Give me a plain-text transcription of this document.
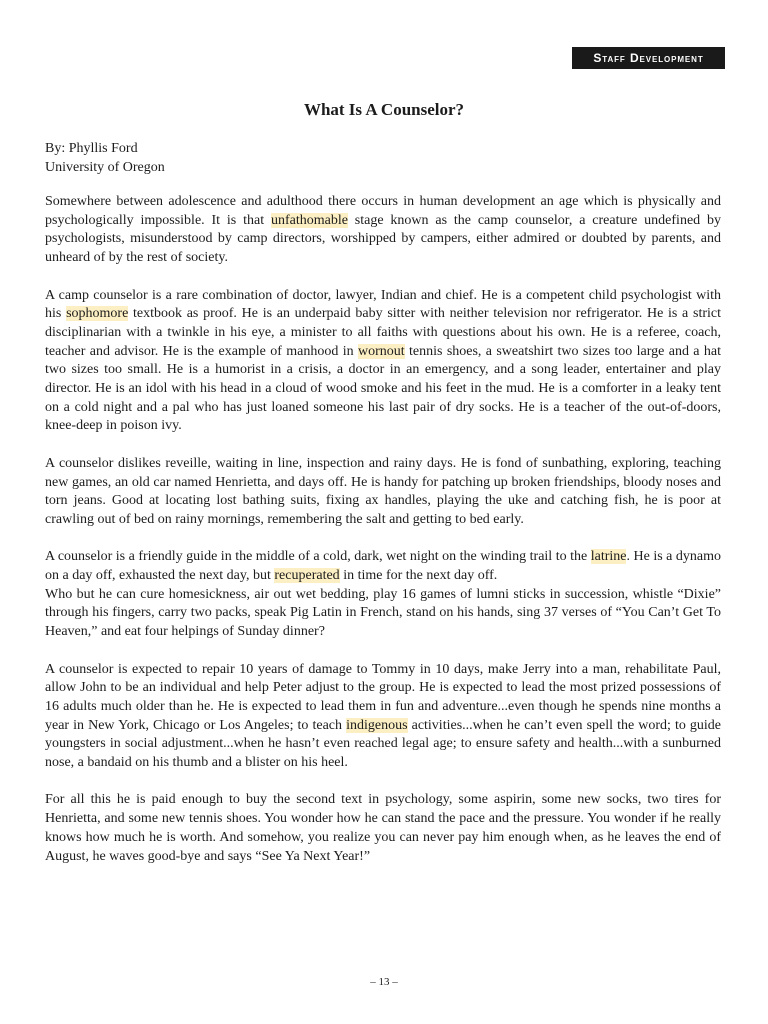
Staff Development
What Is A Counselor?
By: Phyllis Ford
University of Oregon

Somewhere between adolescence and adulthood there occurs in human development an age which is physically and psychologically impossible. It is that unfathomable stage known as the camp counselor, a creature undefined by psychologists, misunderstood by camp directors, worshipped by campers, either admired or doubted by parents, and unheard of by the rest of society.

A camp counselor is a rare combination of doctor, lawyer, Indian and chief. He is a competent child psychologist with his sophomore textbook as proof. He is an underpaid baby sitter with neither television nor refrigerator. He is a strict disciplinarian with a twinkle in his eye, a minister to all faiths with questions about his own. He is a referee, coach, teacher and advisor. He is the example of manhood in wornout tennis shoes, a sweatshirt two sizes too large and a hat two sizes too small. He is a humorist in a crisis, a doctor in an emergency, and a song leader, entertainer and play director. He is an idol with his head in a cloud of wood smoke and his feet in the mud. He is a comforter in a leaky tent on a cold night and a pal who has just loaned someone his last pair of dry socks. He is a teacher of the out-of-doors, knee-deep in poison ivy.

A counselor dislikes reveille, waiting in line, inspection and rainy days. He is fond of sunbathing, exploring, teaching new games, an old car named Henrietta, and days off. He is handy for patching up broken friendships, bloody noses and torn jeans. Good at locating lost bathing suits, fixing ax handles, playing the uke and catching fish, he is poor at crawling out of bed on rainy mornings, remembering the salt and getting to bed early.

A counselor is a friendly guide in the middle of a cold, dark, wet night on the winding trail to the latrine. He is a dynamo on a day off, exhausted the next day, but recuperated in time for the next day off.
Who but he can cure homesickness, air out wet bedding, play 16 games of lumni sticks in succession, whistle “Dixie” through his fingers, carry two packs, speak Pig Latin in French, stand on his hands, sing 37 verses of “You Can’t Get To Heaven,” and eat four helpings of Sunday dinner?

A counselor is expected to repair 10 years of damage to Tommy in 10 days, make Jerry into a man, rehabilitate Paul, allow John to be an individual and help Peter adjust to the group. He is expected to lead the most prized possessions of 16 adults much older than he. He is expected to lead them in fun and adventure...even though he spends nine months a year in New York, Chicago or Los Angeles; to teach indigenous activities...when he can’t even spell the word; to guide youngsters in social adjustment...when he hasn’t even reached legal age; to ensure safety and health...with a sunburned nose, a bandaid on his thumb and a blister on his heel.

For all this he is paid enough to buy the second text in psychology, some aspirin, some new socks, two tires for Henrietta, and some new tennis shoes. You wonder how he can stand the pace and the pressure. You wonder if he really knows how much he is worth. And somehow, you realize you can never pay him enough when, as he leaves the end of August, he waves good-bye and says “See Ya Next Year!”

– 13 –
